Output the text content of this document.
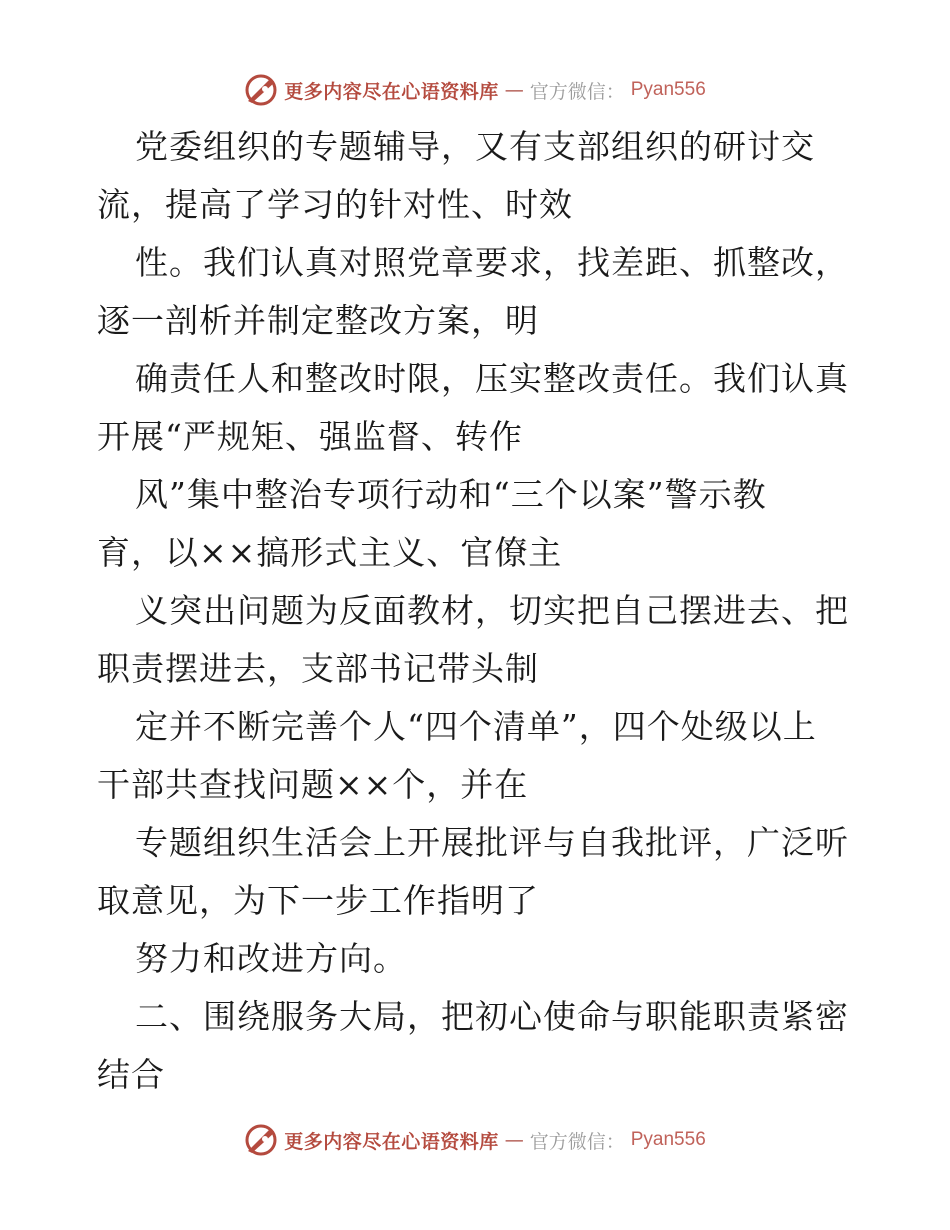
更多内容尽在心语资料库 — 官方微信： Pyan556
党委组织的专题辅导，又有支部组织的研讨交
流，提高了学习的针对性、时效
性。我们认真对照党章要求，找差距、抓整改，
逐一剖析并制定整改方案，明
确责任人和整改时限，压实整改责任。我们认真
开展“严规矩、强监督、转作
风”集中整治专项行动和“三个以案”警示教
育，以××搞形式主义、官僚主
义突出问题为反面教材，切实把自己摆进去、把
职责摆进去，支部书记带头制
定并不断完善个人“四个清单”，四个处级以上
干部共查找问题××个，并在
专题组织生活会上开展批评与自我批评，广泛听
取意见，为下一步工作指明了
努力和改进方向。
二、围绕服务大局，把初心使命与职能职责紧密
结合
更多内容尽在心语资料库 — 官方微信： Pyan556
